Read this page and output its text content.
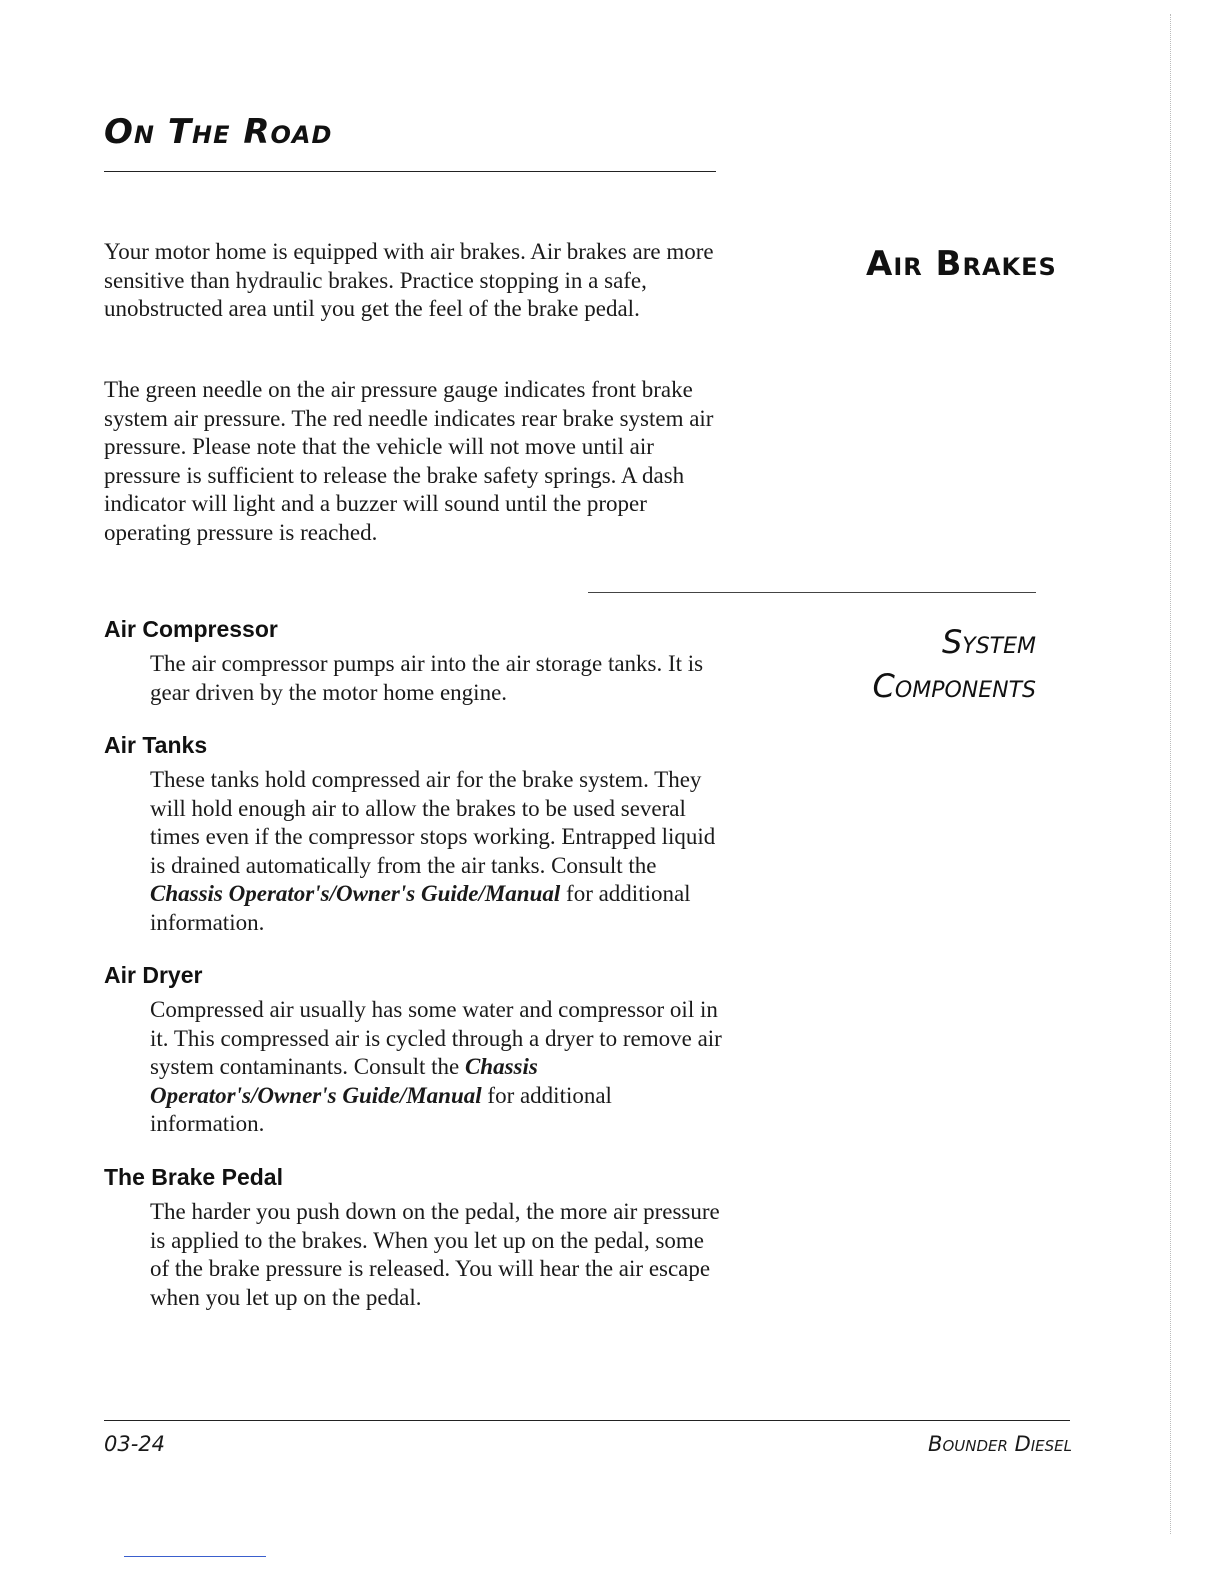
On The Road
Air Brakes

Your motor home is equipped with air brakes. Air brakes are more sensitive than hydraulic brakes. Practice stopping in a safe, unobstructed area until you get the feel of the brake pedal.

The green needle on the air pressure gauge indicates front brake system air pressure. The red needle indicates rear brake system air pressure. Please note that the vehicle will not move until air pressure is sufficient to release the brake safety springs. A dash indicator will light and a buzzer will sound until the proper operating pressure is reached.

System

Components

Air Compressor

The air compressor pumps air into the air storage tanks. It is gear driven by the motor home engine.

Air Tanks

These tanks hold compressed air for the brake system. They will hold enough air to allow the brakes to be used several times even if the compressor stops working. Entrapped liquid is drained automatically from the air tanks. Consult the Chassis Operator's/Owner's Guide/Manual for additional information.

Air Dryer

Compressed air usually has some water and compressor oil in it. This compressed air is cycled through a dryer to remove air system contaminants. Consult the Chassis Operator's/Owner's Guide/Manual for additional information.

The Brake Pedal

The harder you push down on the pedal, the more air pressure is applied to the brakes. When you let up on the pedal, some of the brake pressure is released. You will hear the air escape when you let up on the pedal.

03-24	Bounder Diesel
